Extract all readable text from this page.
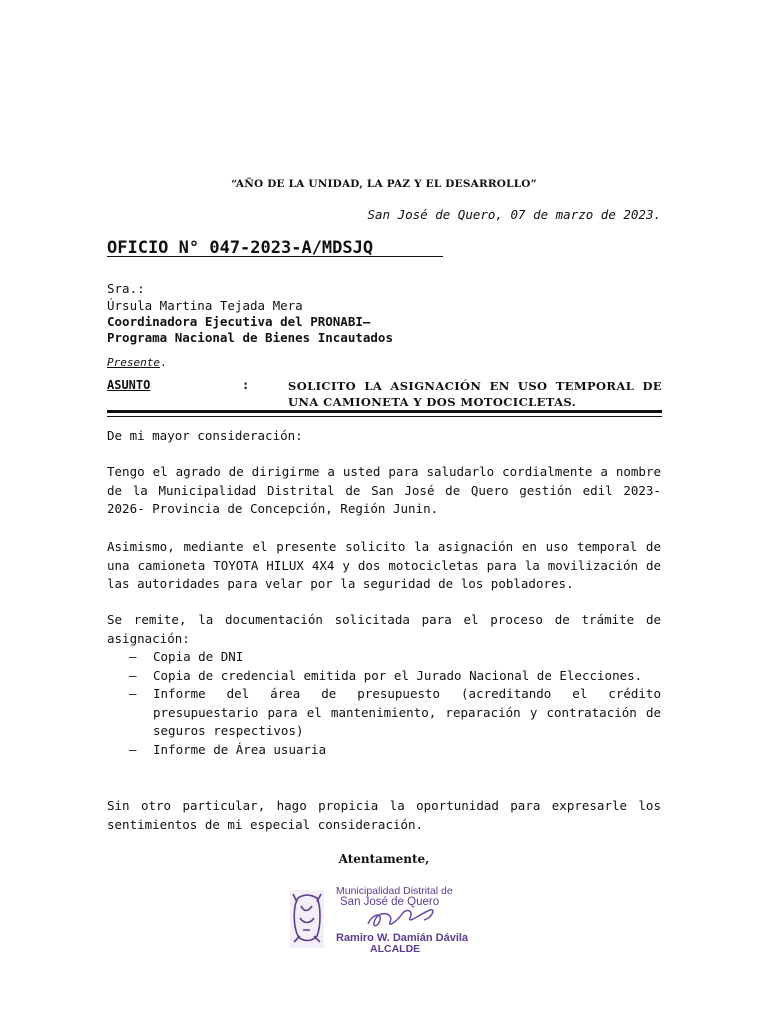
“AÑO DE LA UNIDAD, LA PAZ Y EL DESARROLLO”
San José de Quero, 07 de marzo de 2023.
OFICIO N° 047-2023-A/MDSJQ
Sra.:
Úrsula Martina Tejada Mera
Coordinadora Ejecutiva del PRONABI–
Programa Nacional de Bienes Incautados
Presente.
ASUNTO	:	SOLICITO LA ASIGNACIÓN EN USO TEMPORAL DE UNA CAMIONETA Y DOS MOTOCICLETAS.

De mi mayor consideración:

Tengo el agrado de dirigirme a usted para saludarlo cordialmente a nombre de la Municipalidad Distrital de San José de Quero gestión edil 2023-2026- Provincia de Concepción, Región Junin.

Asimismo, mediante el presente solicito la asignación en uso temporal de una camioneta TOYOTA HILUX 4X4 y dos motocicletas para la movilización de las autoridades para velar por la seguridad de los pobladores.

Se remite, la documentación solicitada para el proceso de trámite de asignación:

– Copia de DNI
– Copia de credencial emitida por el Jurado Nacional de Elecciones.
– Informe del área de presupuesto (acreditando el crédito presupuestario para el mantenimiento, reparación y contratación de seguros respectivos)
– Informe de Área usuaria

Sin otro particular, hago propicia la oportunidad para expresarle los sentimientos de mi especial consideración.

Atentamente,
Municipalidad Distrital de
San José de Quero
Ramiro W. Damián Dávila
ALCALDE
